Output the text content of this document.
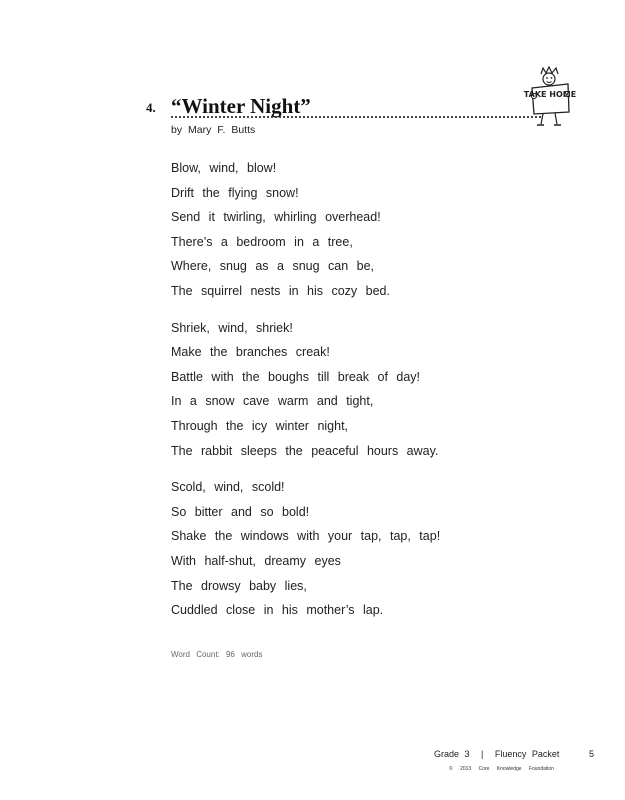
4. “Winter Night”	TAKE HOME
by Mary F. Butts
Blow, wind, blow!
Drift the flying snow!
Send it twirling, whirling overhead!
There’s a bedroom in a tree,
Where, snug as a snug can be,
The squirrel nests in his cozy bed.
Shriek, wind, shriek!
Make the branches creak!
Battle with the boughs till break of day!
In a snow cave warm and tight,
Through the icy winter night,
The rabbit sleeps the peaceful hours away.
Scold, wind, scold!
So bitter and so bold!
Shake the windows with your tap, tap, tap!
With half-shut, dreamy eyes
The drowsy baby lies,
Cuddled close in his mother’s lap.
Word Count: 96 words
Grade 3 | Fluency Packet	5
© 2013 Core Knowledge Foundation
